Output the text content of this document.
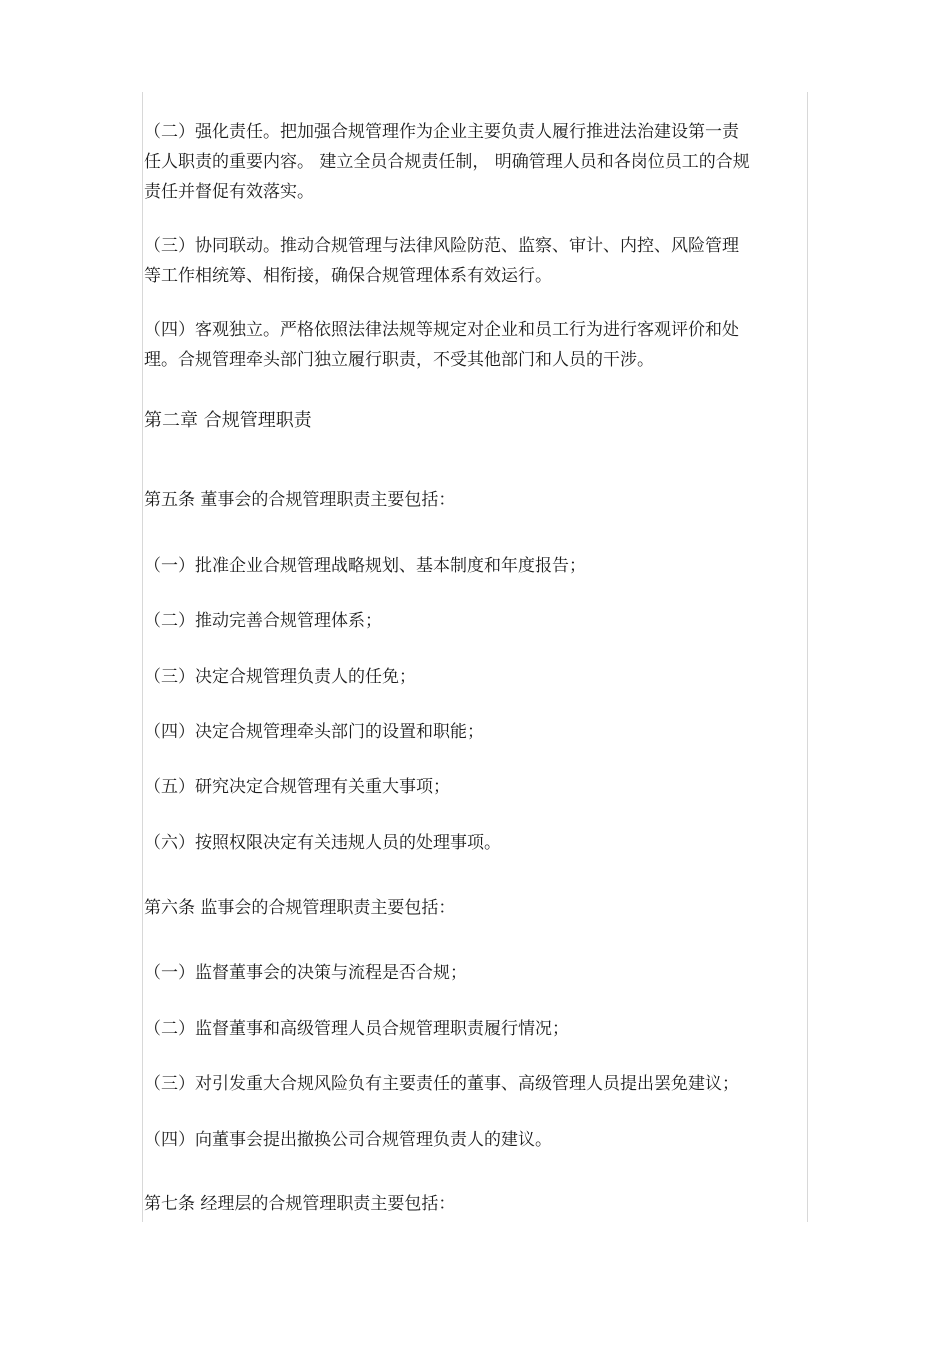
（二）强化责任。把加强合规管理作为企业主要负责人履行推进法治建设第一责
任人职责的重要内容。 建立全员合规责任制， 明确管理人员和各岗位员工的合规
责任并督促有效落实。
（三）协同联动。推动合规管理与法律风险防范、监察、审计、内控、风险管理
等工作相统筹、相衔接，确保合规管理体系有效运行。
（四）客观独立。严格依照法律法规等规定对企业和员工行为进行客观评价和处
理。合规管理牵头部门独立履行职责，不受其他部门和人员的干涉。
第二章 合规管理职责
第五条 董事会的合规管理职责主要包括：
（一）批准企业合规管理战略规划、基本制度和年度报告；
（二）推动完善合规管理体系；
（三）决定合规管理负责人的任免；
（四）决定合规管理牵头部门的设置和职能；
（五）研究决定合规管理有关重大事项；
（六）按照权限决定有关违规人员的处理事项。
第六条 监事会的合规管理职责主要包括：
（一）监督董事会的决策与流程是否合规；
（二）监督董事和高级管理人员合规管理职责履行情况；
（三）对引发重大合规风险负有主要责任的董事、高级管理人员提出罢免建议；
（四）向董事会提出撤换公司合规管理负责人的建议。
第七条 经理层的合规管理职责主要包括：
